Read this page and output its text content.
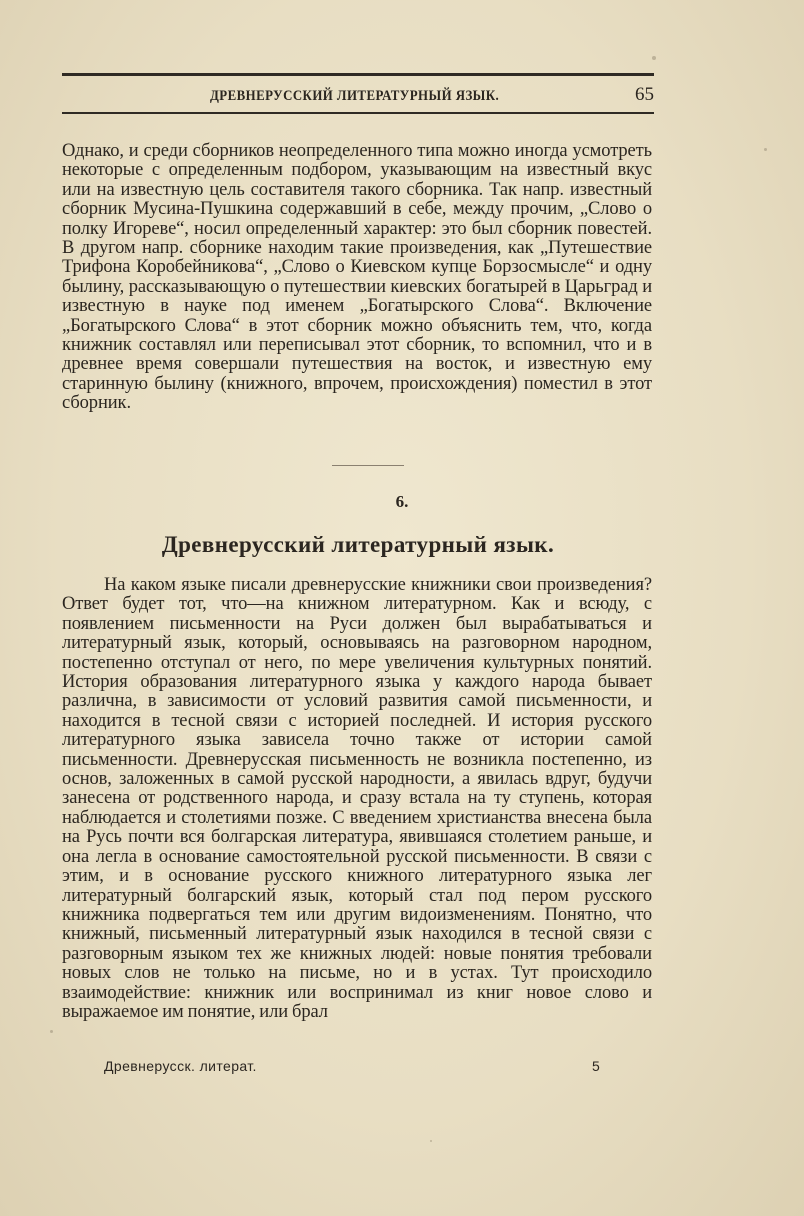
ДРЕВНЕРУССКИЙ ЛИТЕРАТУРНЫЙ ЯЗЫК.	65
Однако, и среди сборников неопределенного типа можно иногда усмотреть некоторые с определенным подбором, указывающим на известный вкус или на известную цель составителя такого сборника. Так напр. известный сборник Мусина-Пушкина содержавший в себе, между прочим, „Слово о полку Игореве“, носил определенный характер: это был сборник повестей. В другом напр. сборнике находим такие произведения, как „Путешествие Трифона Коробейникова“, „Слово о Киевском купце Борзосмысле“ и одну былину, рассказывающую о путешествии киевских богатырей в Царьград и известную в науке под именем „Богатырского Слова“. Включение „Богатырского Слова“ в этот сборник можно объяснить тем, что, когда книжник составлял или переписывал этот сборник, то вспомнил, что и в древнее время совершали путешествия на восток, и известную ему старинную былину (книжного, впрочем, происхождения) поместил в этот сборник.
6.
Древнерусский литературный язык.
На каком языке писали древнерусские книжники свои произведения? Ответ будет тот, что—на книжном литературном. Как и всюду, с появлением письменности на Руси должен был вырабатываться и литературный язык, который, основываясь на разговорном народном, постепенно отступал от него, по мере увеличения культурных понятий. История образования литературного языка у каждого народа бывает различна, в зависимости от условий развития самой письменности, и находится в тесной связи с историей последней. И история русского литературного языка завиcела точно также от истории самой письменности. Древнерусская письменность не возникла постепенно, из основ, заложенных в самой русской народности, а явилась вдруг, будучи занесена от родственного народа, и сразу встала на ту ступень, которая наблюдается и столетиями позже. С введением христианства внесена была на Русь почти вся болгарская литература, явившаяся столетием раньше, и она легла в основание самостоятельной русской письменности. В связи с этим, и в основание русского книжного литературного языка лег литературный болгарский язык, который стал под пером русского книжника подвергаться тем или другим видоизменениям. Понятно, что книжный, письменный литературный язык находился в тесной связи с разговорным языком тех же книжных людей: новые понятия требовали новых слов не только на письме, но и в устах. Тут происходило взаимодействие: книжник или воспринимал из книг новое слово и выражаемое им понятие, или брал
Древнерусск. литерат.	5
